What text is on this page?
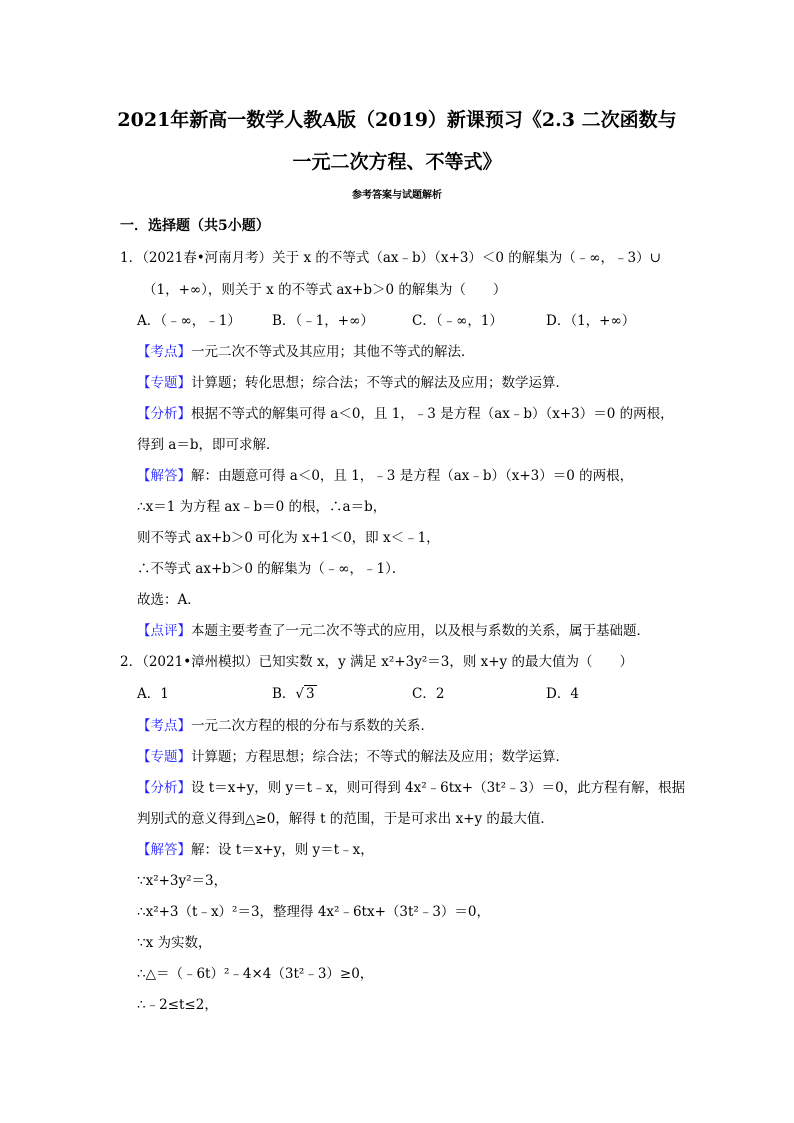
2021年新高一数学人教A版（2019）新课预习《2.3 二次函数与
一元二次方程、不等式》
参考答案与试题解析
一．选择题（共5小题）
1．（2021春•河南月考）关于 x 的不等式（ax﹣b）（x+3）＜0 的解集为（﹣∞，﹣3）∪
（1，+∞），则关于 x 的不等式 ax+b＞0 的解集为（　　）
A．（﹣∞，﹣1） B．（﹣1，+∞）	C．（﹣∞，1）	D．（1，+∞）
【考点】一元二次不等式及其应用；其他不等式的解法．
【专题】计算题；转化思想；综合法；不等式的解法及应用；数学运算．
【分析】根据不等式的解集可得 a＜0，且 1，﹣3 是方程（ax﹣b）（x+3）＝0 的两根，
得到 a＝b，即可求解．
【解答】解：由题意可得 a＜0，且 1，﹣3 是方程（ax﹣b）（x+3）＝0 的两根，
∴x＝1 为方程 ax﹣b＝0 的根，∴a＝b，
则不等式 ax+b＞0 可化为 x+1＜0，即 x＜﹣1，
∴不等式 ax+b＞0 的解集为（﹣∞，﹣1）．
故选：A．
【点评】本题主要考查了一元二次不等式的应用，以及根与系数的关系，属于基础题．
2．（2021•漳州模拟）已知实数 x，y 满足 x²+3y²＝3，则 x+y 的最大值为（　　）
A．1	B．√ 3	C．2	D．4
【考点】一元二次方程的根的分布与系数的关系．
【专题】计算题；方程思想；综合法；不等式的解法及应用；数学运算．
【分析】设 t＝x+y，则 y＝t﹣x，则可得到 4x²﹣6tx+（3t²﹣3）＝0，此方程有解，根据
判别式的意义得到△≥0，解得 t 的范围，于是可求出 x+y 的最大值．
【解答】解：设 t＝x+y，则 y＝t﹣x，
∵x²+3y²＝3，
∴x²+3（t﹣x）²＝3，整理得 4x²﹣6tx+（3t²﹣3）＝0，
∵x 为实数，
∴△＝（﹣6t）²﹣4×4（3t²﹣3）≥0，
∴﹣2≤t≤2，
